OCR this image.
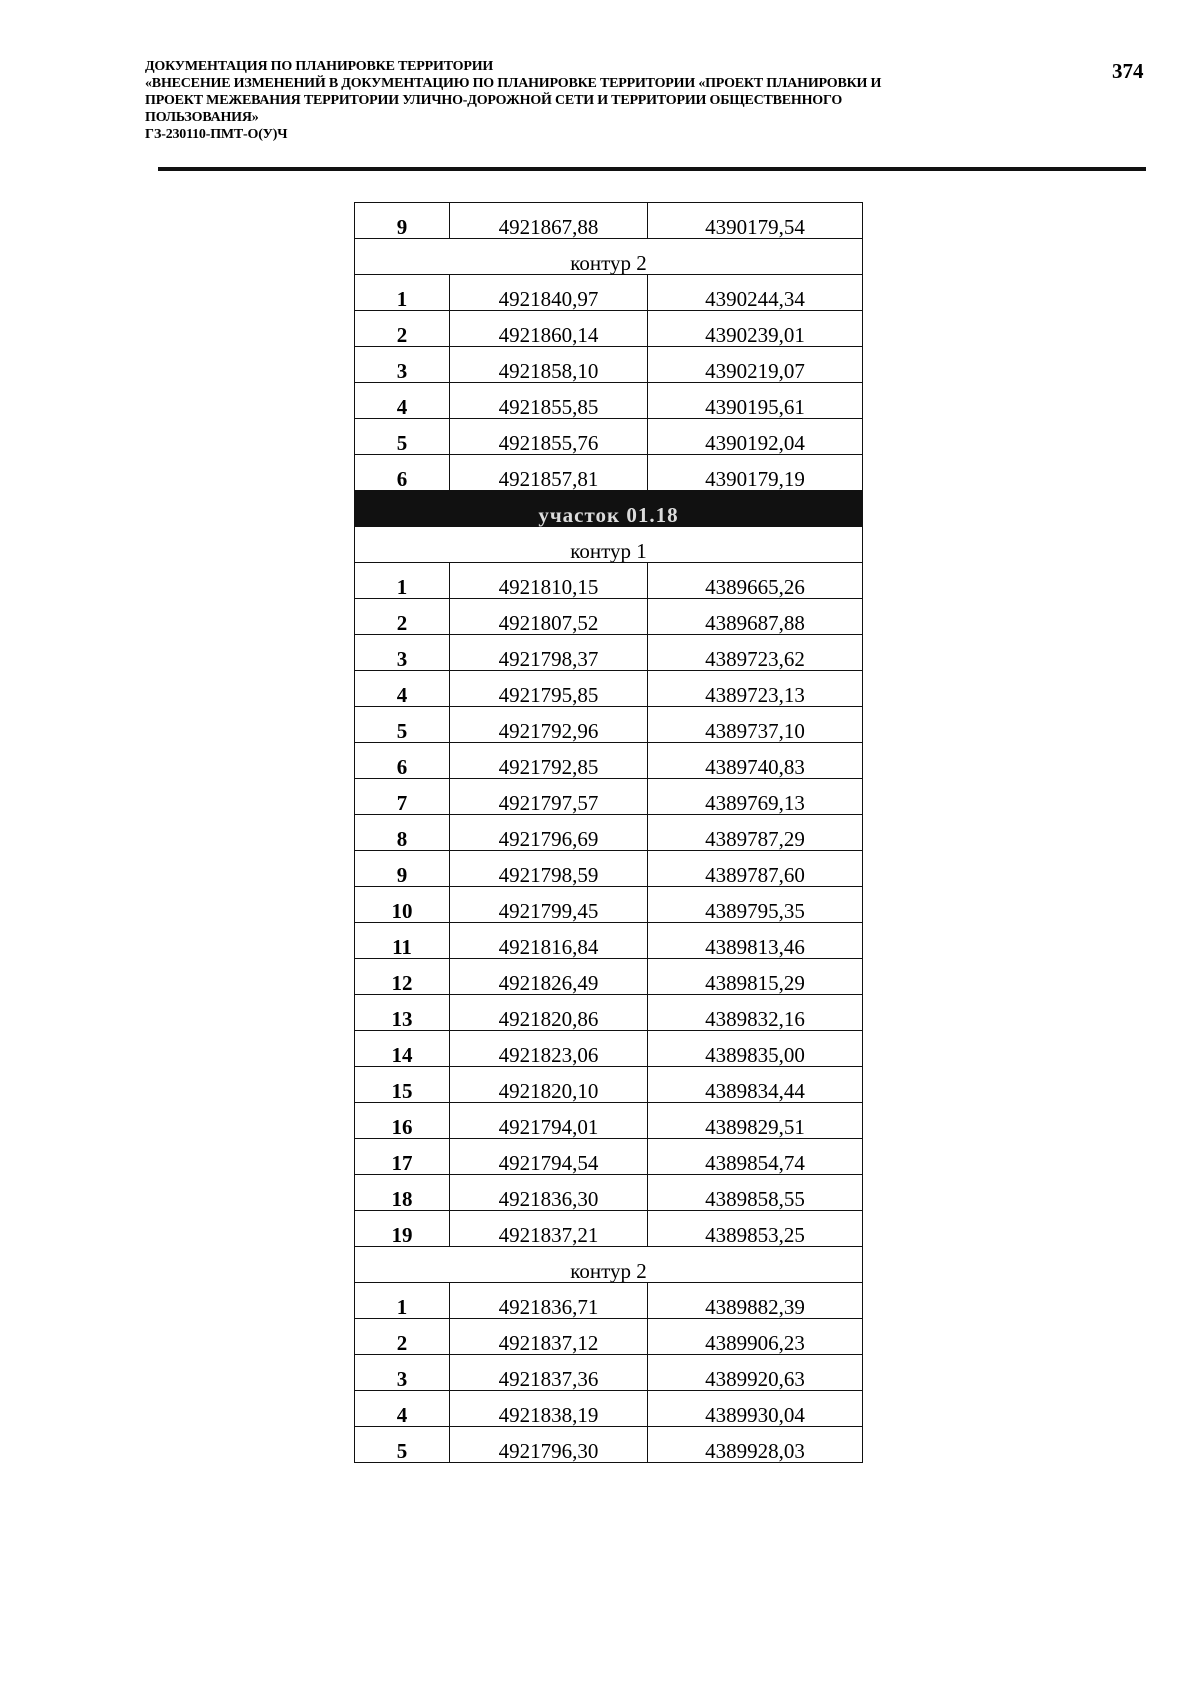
ДОКУМЕНТАЦИЯ ПО ПЛАНИРОВКЕ ТЕРРИТОРИИ
«ВНЕСЕНИЕ ИЗМЕНЕНИЙ В ДОКУМЕНТАЦИЮ ПО ПЛАНИРОВКЕ ТЕРРИТОРИИ «ПРОЕКТ ПЛАНИРОВКИ И
ПРОЕКТ МЕЖЕВАНИЯ ТЕРРИТОРИИ УЛИЧНО-ДОРОЖНОЙ СЕТИ И ТЕРРИТОРИИ ОБЩЕСТВЕННОГО
ПОЛЬЗОВАНИЯ»
ГЗ-230110-ПМТ-О(У)Ч
374
9	4921867,88	4390179,54
контур 2		
1	4921840,97	4390244,34
2	4921860,14	4390239,01
3	4921858,10	4390219,07
4	4921855,85	4390195,61
5	4921855,76	4390192,04
6	4921857,81	4390179,19
участок 01.18		
контур 1		
1	4921810,15	4389665,26
2	4921807,52	4389687,88
3	4921798,37	4389723,62
4	4921795,85	4389723,13
5	4921792,96	4389737,10
6	4921792,85	4389740,83
7	4921797,57	4389769,13
8	4921796,69	4389787,29
9	4921798,59	4389787,60
10	4921799,45	4389795,35
11	4921816,84	4389813,46
12	4921826,49	4389815,29
13	4921820,86	4389832,16
14	4921823,06	4389835,00
15	4921820,10	4389834,44
16	4921794,01	4389829,51
17	4921794,54	4389854,74
18	4921836,30	4389858,55
19	4921837,21	4389853,25
контур 2		
1	4921836,71	4389882,39
2	4921837,12	4389906,23
3	4921837,36	4389920,63
4	4921838,19	4389930,04
5	4921796,30	4389928,03
